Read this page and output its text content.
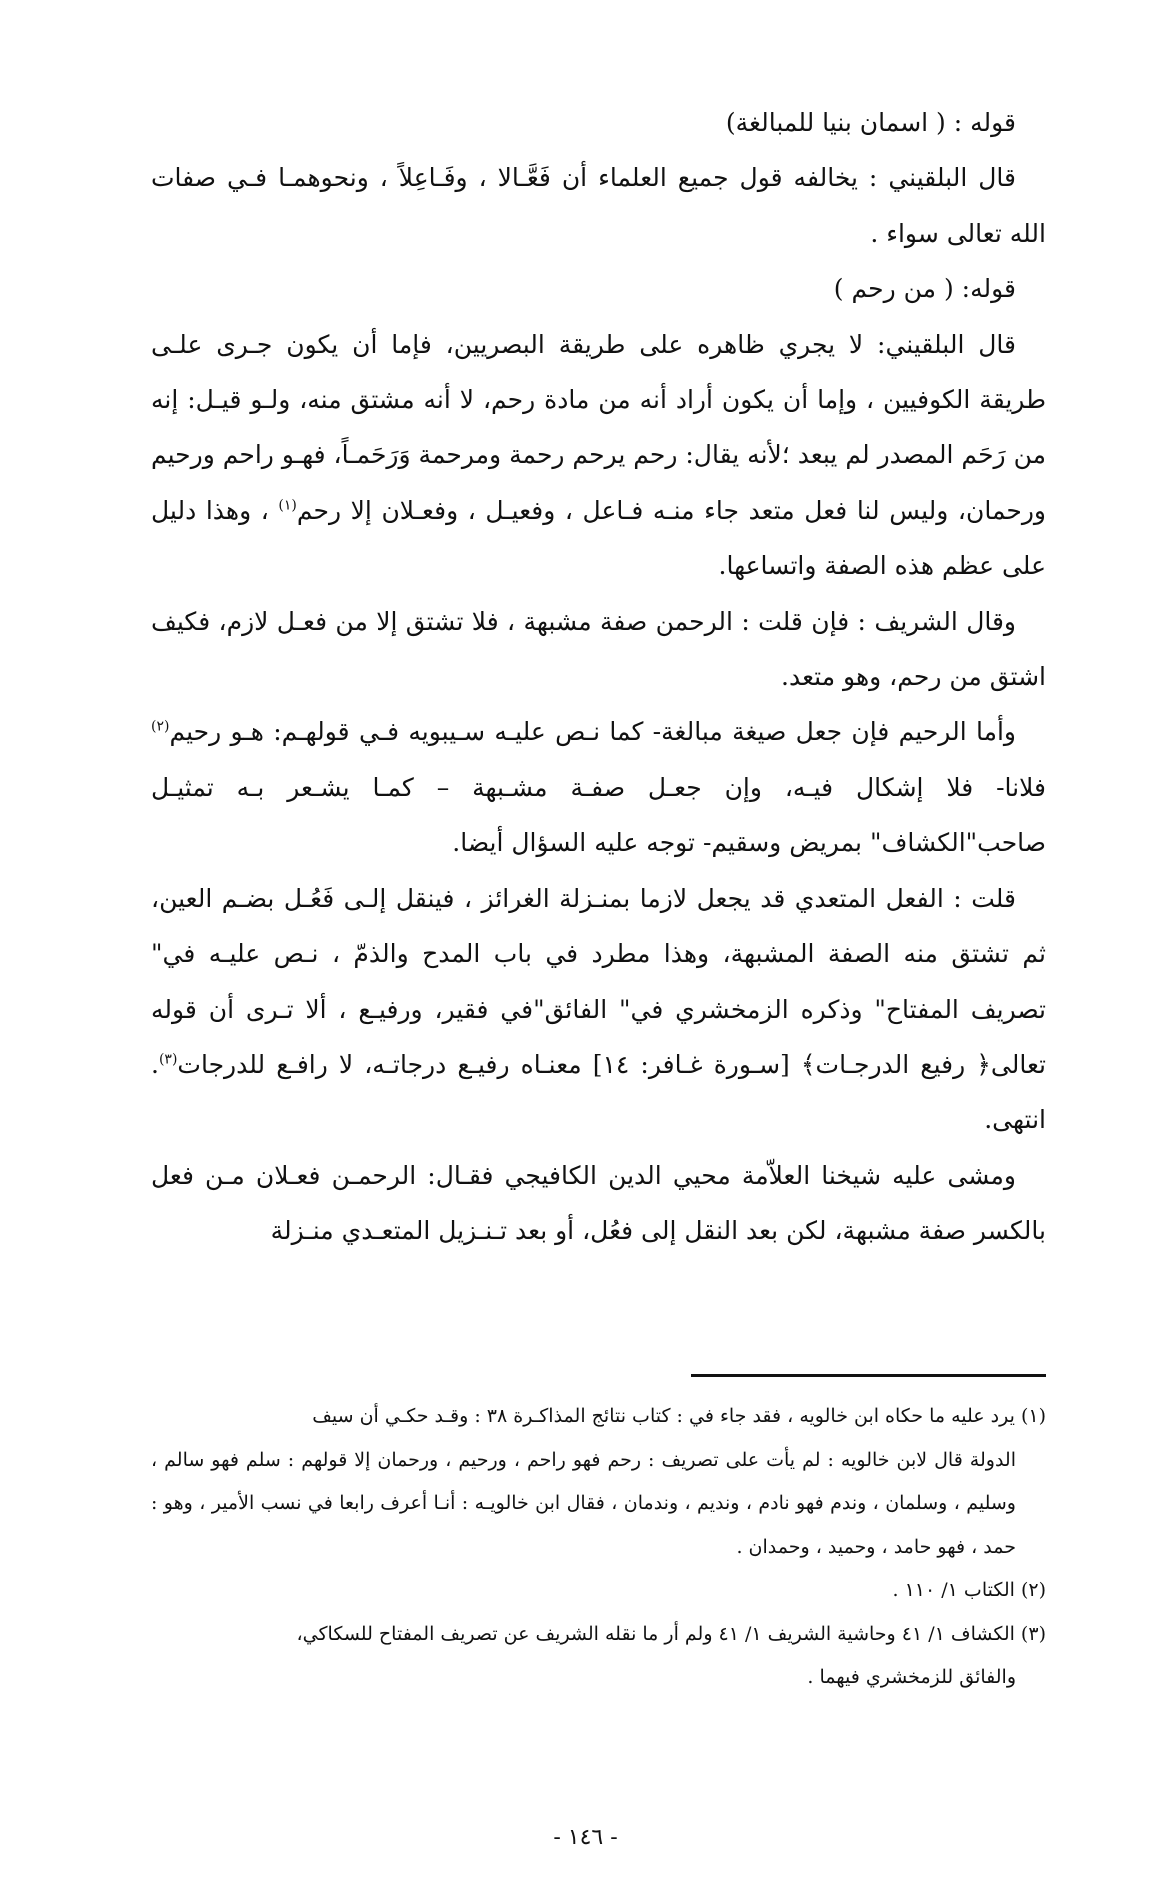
قوله : ( اسمان بنيا للمبالغة)

قال البلقيني : يخالفه قول جميع العلماء أن فَعَّـالا ، وفَـاعِلاً ، ونحوهمـا فـي صفات الله تعالى سواء .

قوله: ( من رحم )

قال البلقيني: لا يجري ظاهره على طريقة البصريين، فإما أن يكون جـرى علـى طريقة الكوفيين ، وإما أن يكون أراد أنه من مادة رحم، لا أنه مشتق منه، ولـو قيـل: إنه من رَحَم المصدر لم يبعد ؛لأنه يقال: رحم يرحم رحمة ومرحمة وَرَحَمـاً، فهـو راحم ورحيم ورحمان، وليس لنا فعل متعد جاء منـه فـاعل ، وفعيـل ، وفعـلان إلا رحم$^{(١)}$ ، وهذا دليل على عظم هذه الصفة واتساعها.

وقال الشريف : فإن قلت : الرحمن صفة مشبهة ، فلا تشتق إلا من فعـل لازم، فكيف اشتق من رحم، وهو متعد.

وأما الرحيم فإن جعل صيغة مبالغة- كما نـص عليـه سـيبويه فـي قولهـم: هـو رحيم$^{(٢)}$ فلانا- فلا إشكال فيـه، وإن جعـل صفـة مشـبهة – كمـا يشـعر بـه تمثيـل صاحب"الكشاف" بمريض وسقيم- توجه عليه السؤال أيضا.

قلت : الفعل المتعدي قد يجعل لازما بمنـزلة الغرائز ، فينقل إلـى فَعُـل بضـم العين، ثم تشتق منه الصفة المشبهة، وهذا مطرد في باب المدح والذمّ ، نـص عليـه في" تصريف المفتاح" وذكره الزمخشري في" الفائق"في فقير، ورفيـع ، ألا تـرى أن قوله تعالى﴿ رفيع الدرجـات﴾ [سـورة غـافر: ١٤] معنـاه رفيـع درجاتـه، لا رافـع للدرجات$^{(٣)}$. انتهى.

ومشى عليه شيخنا العلاّمة محيي الدين الكافيجي فقـال: الرحمـن فعـلان مـن فعل بالكسر صفة مشبهة، لكن بعد النقل إلى فعُل، أو بعد تـنـزيل المتعـدي منـزلة

(١) يرد عليه ما حكاه ابن خالويه ، فقد جاء في : كتاب نتائج المذاكـرة ٣٨ : وقـد حكـي أن سيف

الدولة قال لابن خالويه : لم يأت على تصريف : رحم فهو راحم ، ورحيم ، ورحمان إلا قولهم : سلم فهو سالم ، وسليم ، وسلمان ، وندم فهو نادم ، ونديم ، وندمان ، فقال ابن خالويـه : أنـا أعرف رابعا في نسب الأمير ، وهو : حمد ، فهو حامد ، وحميد ، وحمدان .

(٢) الكتاب ١/ ١١٠ .

(٣) الكشاف ١/ ٤١ وحاشية الشريف ١/ ٤١ ولم أر ما نقله الشريف عن تصريف المفتاح للسكاكي،

والفائق للزمخشري فيهما .

- ١٤٦ -
